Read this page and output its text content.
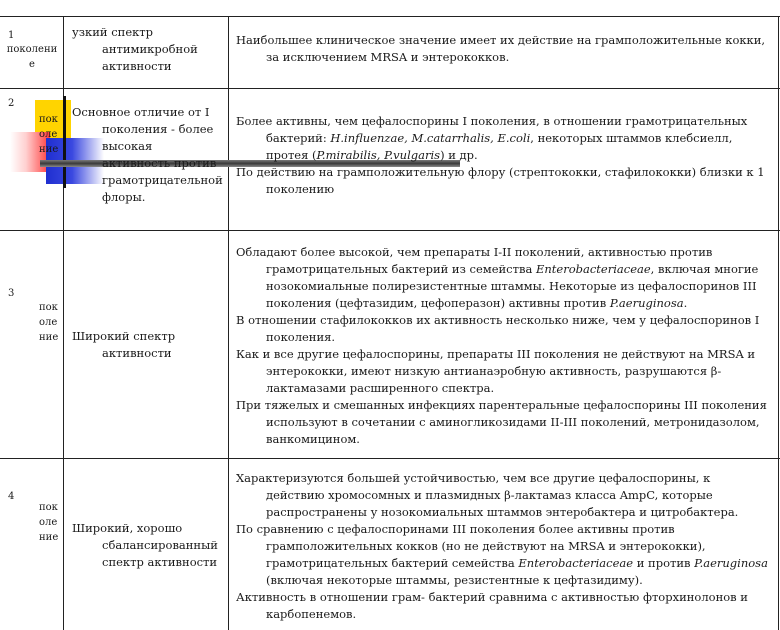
1
поколени
е
узкий спектр
антимикробной
активности

Наибольшее клиническое значение имеет их действие на грамположительные кокки, за исключением MRSA и энтерококков.

2
пок
оле
ние
Основное отличие от I
поколения - более
высокая
активность против
грамотрицательной
флоры.

Более активны, чем цефалоспорины I поколения, в отношении грамотрицательных бактерий: H.influenzae, M.catarrhalis, E.coli, некоторых штаммов клебсиелл, протея (P.mirabilis, P.vulgaris) и др.

По действию на грамположительную флору (стрептококки, стафилококки) близки к 1 поколению

3
пок
оле
ние	Широкий спектр
активности

Обладают более высокой, чем препараты I-II поколений, активностью против грамотрицательных бактерий из семейства Enterobacteriaceae, включая многие нозокомиальные полирезистентные штаммы. Некоторые из цефалоспоринов III поколения (цефтазидим, цефоперазон) активны против P.aeruginosa.

В отношении стафилококков их активность несколько ниже, чем у цефалоспоринов I поколения.

Как и все другие цефалоспорины, препараты III поколения не действуют на MRSA и энтерококки, имеют низкую антианаэробную активность, разрушаются β-лактамазами расширенного спектра.

При тяжелых и смешанных инфекциях парентеральные цефалоспорины III поколения используют в сочетании с аминогликозидами II-III поколений, метронидазолом, ванкомицином.

4
пок
оле
ние
Широкий, хорошо
сбалансированный
спектр активности

Характеризуются большей устойчивостью, чем все другие цефалоспорины, к действию хромосомных и плазмидных β-лактамаз класса AmpC, которые распространены у нозокомиальных штаммов энтеробактера и цитробактера.

По сравнению с цефалоспоринами III поколения более активны против грамположительных кокков (но не действуют на MRSA и энтерококки), грамотрицательных бактерий семейства Enterobacteriaceae и против P.aeruginosa (включая некоторые штаммы, резистентные к цефтазидиму).

Активность в отношении грам- бактерий сравнима с активностью фторхинолонов и карбопенемов.
